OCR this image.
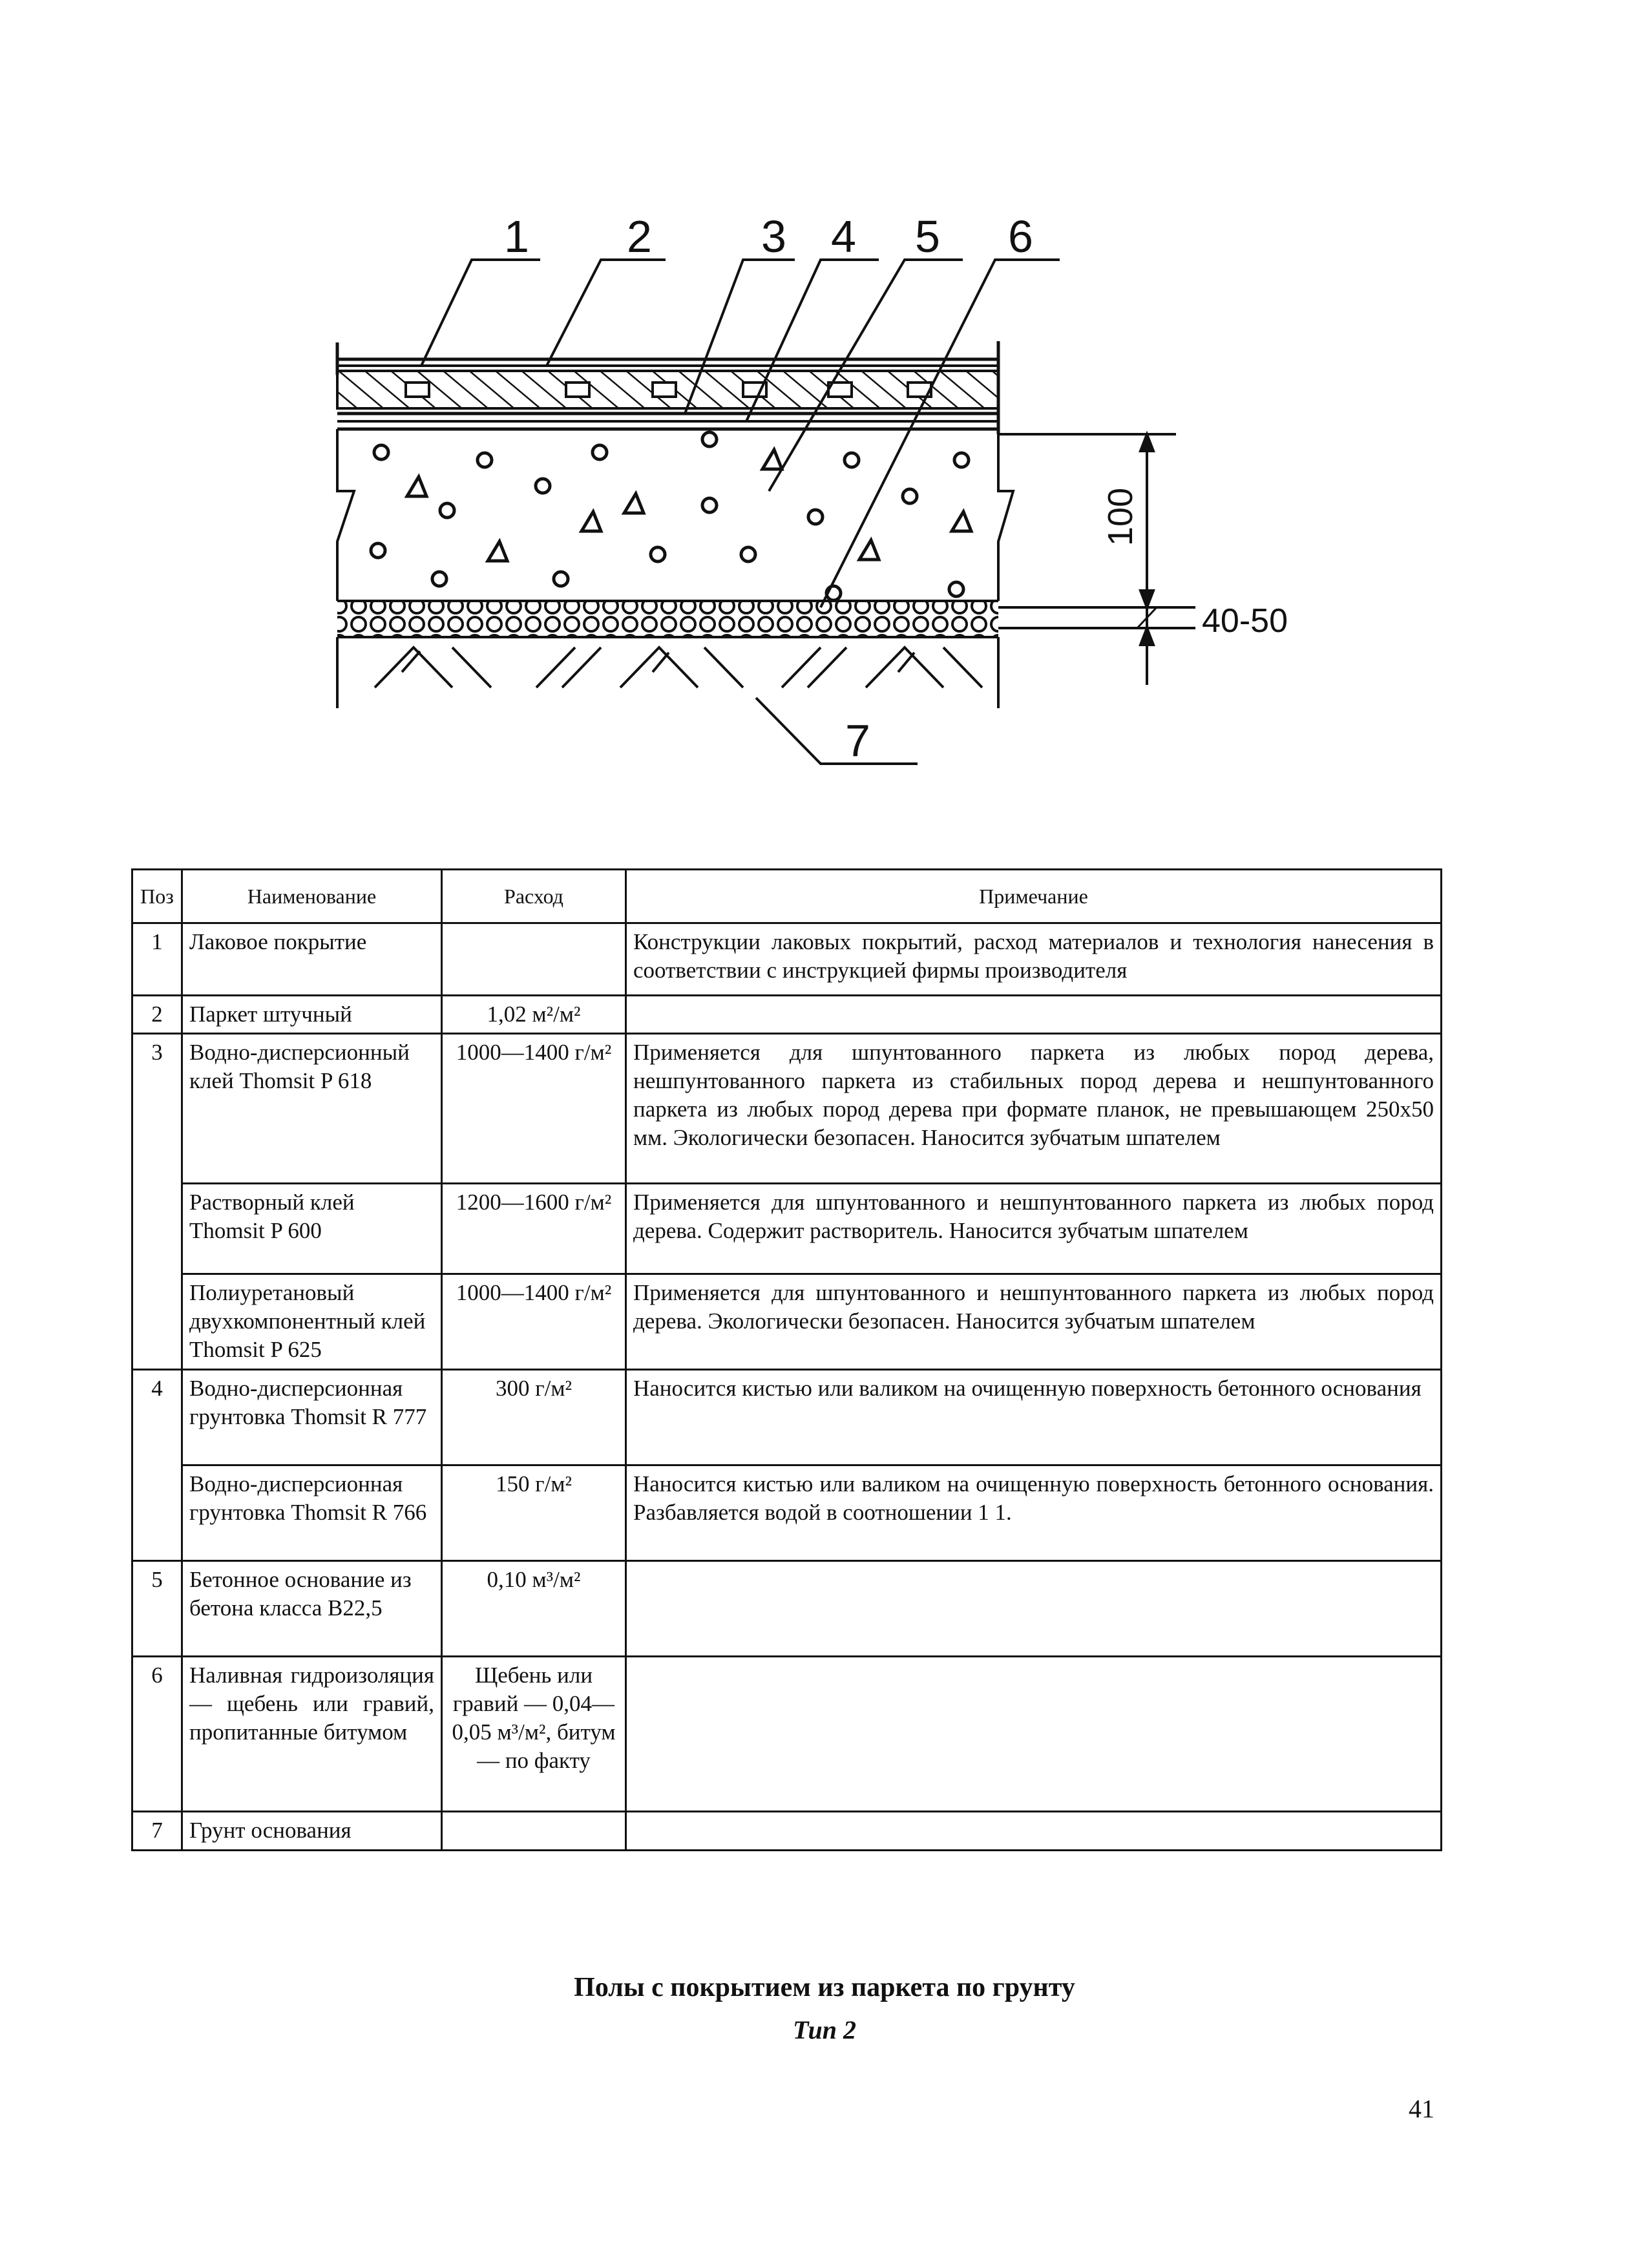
1 2 3 4 5 6
7
100
40-50
Поз	Наименование	Расход	Примечание
1	Лаковое покрытие		Конструкции лаковых покрытий, расход материалов и технология нанесения в соответствии с инструкцией фирмы производителя
2	Паркет штучный	1,02 м²/м²	
3	Водно-дисперсионный клей Thomsit P 618	1000—1400 г/м²	Применяется для шпунтованного паркета из любых пород дерева, нешпунтованного паркета из стабильных пород дерева и нешпунтованного паркета из любых пород дерева при формате планок, не превышающем 250x50 мм. Экологически безопасен. Наносится зубчатым шпателем
	Растворный клей Thomsit P 600	1200—1600 г/м²	Применяется для шпунтованного и нешпунтованного паркета из любых пород дерева. Содержит растворитель. Наносится зубчатым шпателем
	Полиуретановый двухкомпонентный клей Thomsit P 625	1000—1400 г/м²	Применяется для шпунтованного и нешпунтованного паркета из любых пород дерева. Экологически безопасен. Наносится зубчатым шпателем
4	Водно-дисперсионная грунтовка Thomsit R 777	300 г/м²	Наносится кистью или валиком на очищенную поверхность бетонного основания
	Водно-дисперсионная грунтовка Thomsit R 766	150 г/м²	Наносится кистью или валиком на очищенную поверхность бетонного основания. Разбавляется водой в соотношении 1 1.
5	Бетонное основание из бетона класса B22,5	0,10 м³/м²	
6	Наливная гидроизоляция — щебень или гравий, пропитанные битумом	Щебень или гравий — 0,04—0,05 м³/м², битум — по факту	
7	Грунт основания		
Полы с покрытием из паркета по грунту
Тип 2
41
